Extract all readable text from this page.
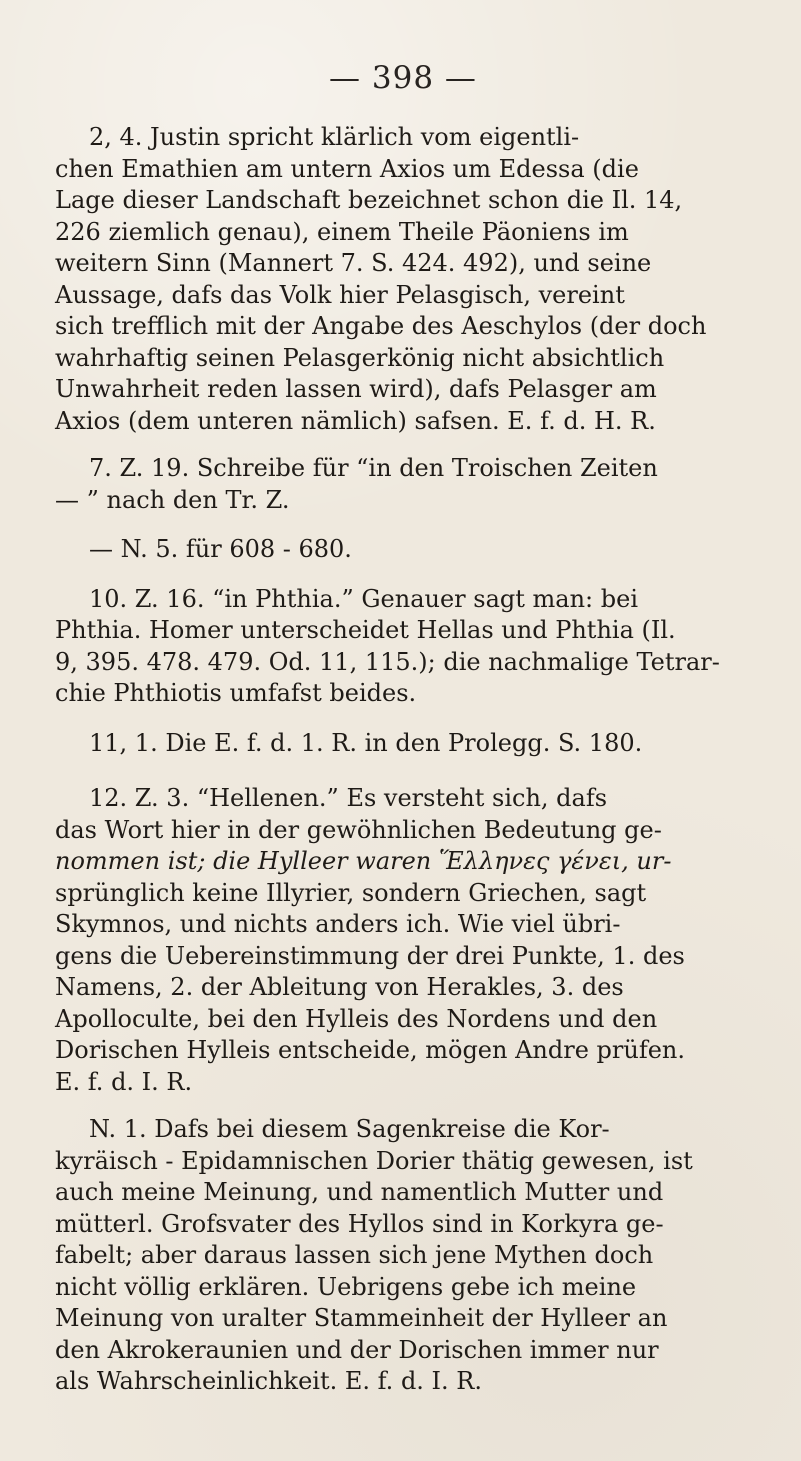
— 398 —
2, 4. Justin spricht klärlich vom eigentli-
chen Emathien am untern Axios um Edessa (die
Lage dieser Landschaft bezeichnet schon die Il. 14,
226 ziemlich genau), einem Theile Päoniens im
weitern Sinn (Mannert 7. S. 424. 492), und seine
Aussage, dafs das Volk hier Pelasgisch, vereint
sich trefflich mit der Angabe des Aeschylos (der doch
wahrhaftig seinen Pelasgerkönig nicht absichtlich
Unwahrheit reden lassen wird), dafs Pelasger am
Axios (dem unteren nämlich) safsen. E. f. d. H. R.
7. Z. 19. Schreibe für “in den Troischen Zeiten
— ” nach den Tr. Z.
— N. 5. für 608 - 680.
10. Z. 16. “in Phthia.” Genauer sagt man: bei
Phthia. Homer unterscheidet Hellas und Phthia (Il.
9, 395. 478. 479. Od. 11, 115.); die nachmalige Tetrar-
chie Phthiotis umfafst beides.
11, 1. Die E. f. d. 1. R. in den Prolegg. S. 180.
12. Z. 3. “Hellenen.” Es versteht sich, dafs
das Wort hier in der gewöhnlichen Bedeutung ge-
nommen ist; die Hylleer waren Ἕλληνες γένει, ur-
sprünglich keine Illyrier, sondern Griechen, sagt
Skymnos, und nichts anders ich. Wie viel übri-
gens die Uebereinstimmung der drei Punkte, 1. des
Namens, 2. der Ableitung von Herakles, 3. des
Apolloculte, bei den Hylleis des Nordens und den
Dorischen Hylleis entscheide, mögen Andre prüfen.
E. f. d. I. R.
N. 1. Dafs bei diesem Sagenkreise die Kor-
kyräisch - Epidamnischen Dorier thätig gewesen, ist
auch meine Meinung, und namentlich Mutter und
mütterl. Grofsvater des Hyllos sind in Korkyra ge-
fabelt; aber daraus lassen sich jene Mythen doch
nicht völlig erklären. Uebrigens gebe ich meine
Meinung von uralter Stammeinheit der Hylleer an
den Akrokeraunien und der Dorischen immer nur
als Wahrscheinlichkeit. E. f. d. I. R.
